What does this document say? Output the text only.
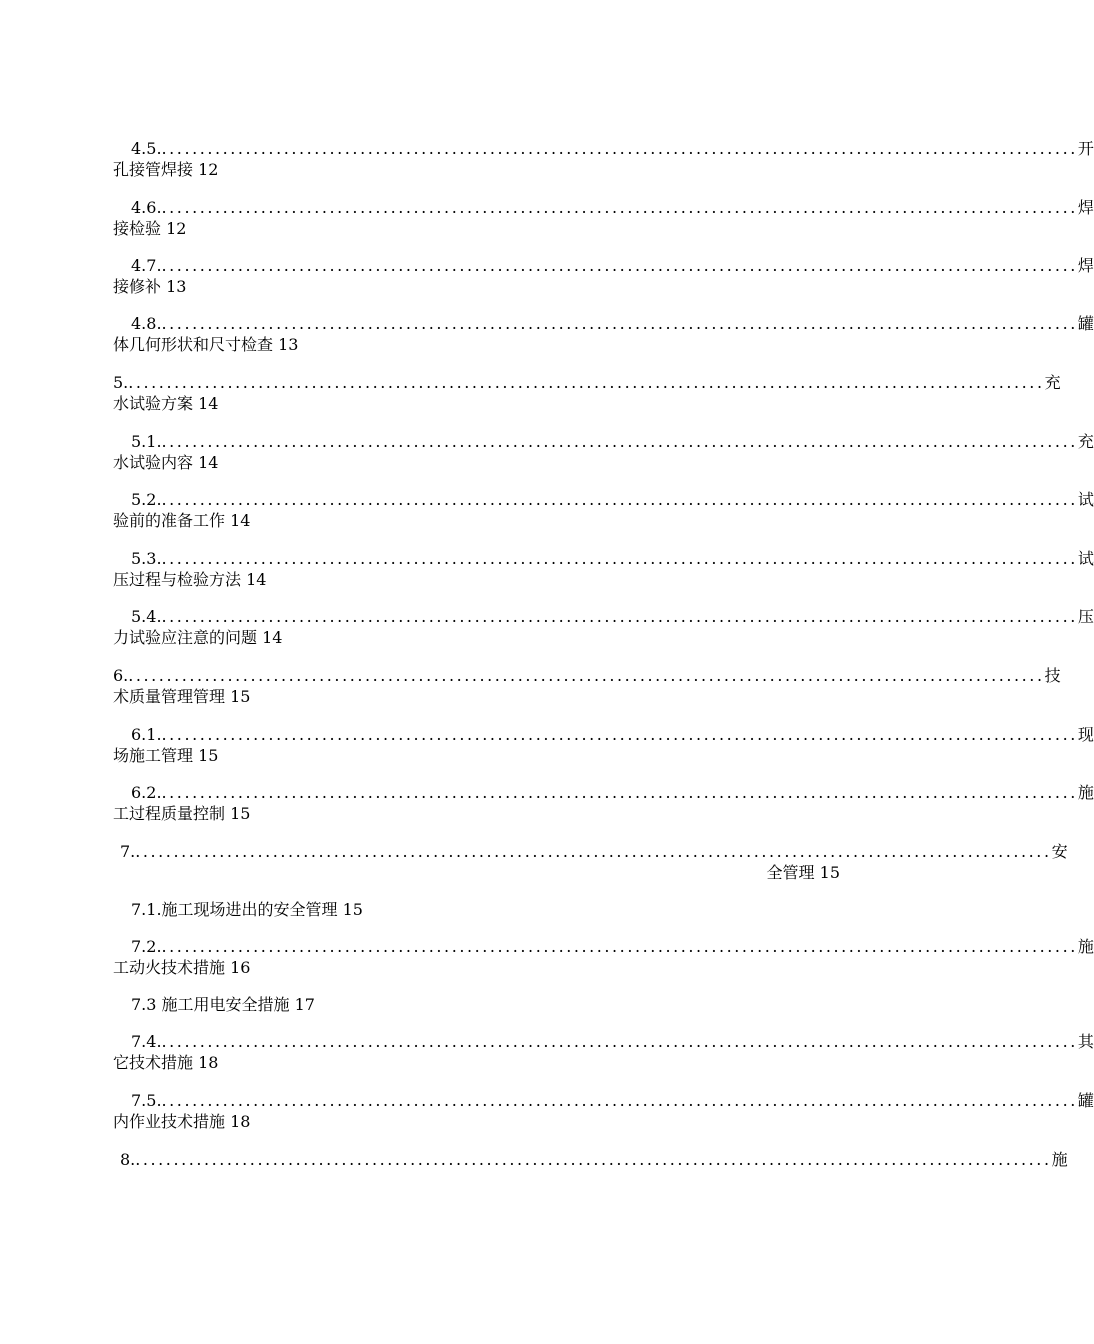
4.5. ........................................................................................................................ 开
孔接管焊接 12
4.6. ........................................................................................................................ 焊
接检验 12
4.7. ........................................................................................................................ 焊
接修补 13
4.8. ........................................................................................................................ 罐
体几何形状和尺寸检查 13
5. ........................................................................................................................ 充
水试验方案 14
5.1. ........................................................................................................................ 充
水试验内容 14
5.2. ........................................................................................................................ 试
验前的准备工作 14
5.3. ........................................................................................................................ 试
压过程与检验方法 14
5.4. ........................................................................................................................ 压
力试验应注意的问题 14
6. ........................................................................................................................ 技
术质量管理管理 15
6.1. ........................................................................................................................ 现
场施工管理 15
6.2. ........................................................................................................................ 施
工过程质量控制 15
7. ........................................................................................................................ 安
全管理 15
7.1.施工现场进出的安全管理 15
7.2. ........................................................................................................................ 施
工动火技术措施 16
7.3 施工用电安全措施 17
7.4. ........................................................................................................................ 其
它技术措施 18
7.5. ........................................................................................................................ 罐
内作业技术措施 18
8. ........................................................................................................................ 施
